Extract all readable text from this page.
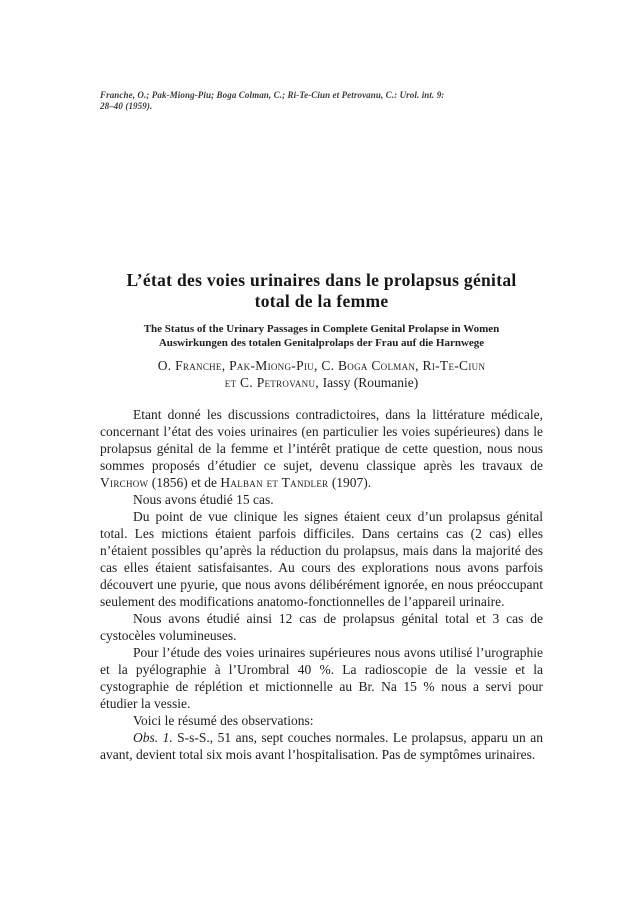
Franche, O.; Pak-Miong-Piu; Boga Colman, C.; Ri-Te-Ciun et Petrovanu, C.: Urol. int. 9:
28–40 (1959).
L’état des voies urinaires dans le prolapsus génital
total de la femme
The Status of the Urinary Passages in Complete Genital Prolapse in Women
Auswirkungen des totalen Genitalprolaps der Frau auf die Harnwege
O. Franche, Pak-Miong-Piu, C. Boga Colman, Ri-Te-Ciun
et C. Petrovanu, Iassy (Roumanie)

Etant donné les discussions contradictoires, dans la littérature médicale, concernant l’état des voies urinaires (en particulier les voies supérieures) dans le prolapsus génital de la femme et l’intérêt pratique de cette question, nous nous sommes proposés d’étudier ce sujet, devenu classique après les travaux de Virchow (1856) et de Halban et Tandler (1907).

Nous avons étudié 15 cas.

Du point de vue clinique les signes étaient ceux d’un prolapsus génital total. Les mictions étaient parfois difficiles. Dans certains cas (2 cas) elles n’étaient possibles qu’après la réduction du prolapsus, mais dans la majorité des cas elles étaient satisfaisantes. Au cours des explorations nous avons parfois découvert une pyurie, que nous avons délibérément ignorée, en nous préoccupant seulement des modifications anatomo-fonctionnelles de l’appareil urinaire.

Nous avons étudié ainsi 12 cas de prolapsus génital total et 3 cas de cystocèles volumineuses.

Pour l’étude des voies urinaires supérieures nous avons utilisé l’urographie et la pyélographie à l’Urombral 40 %. La radioscopie de la vessie et la cystographie de réplétion et mictionnelle au Br. Na 15 % nous a servi pour étudier la vessie.

Voici le résumé des observations:

Obs. 1. S-s-S., 51 ans, sept couches normales. Le prolapsus, apparu un an avant, devient total six mois avant l’hospitalisation. Pas de symptômes urinaires.
